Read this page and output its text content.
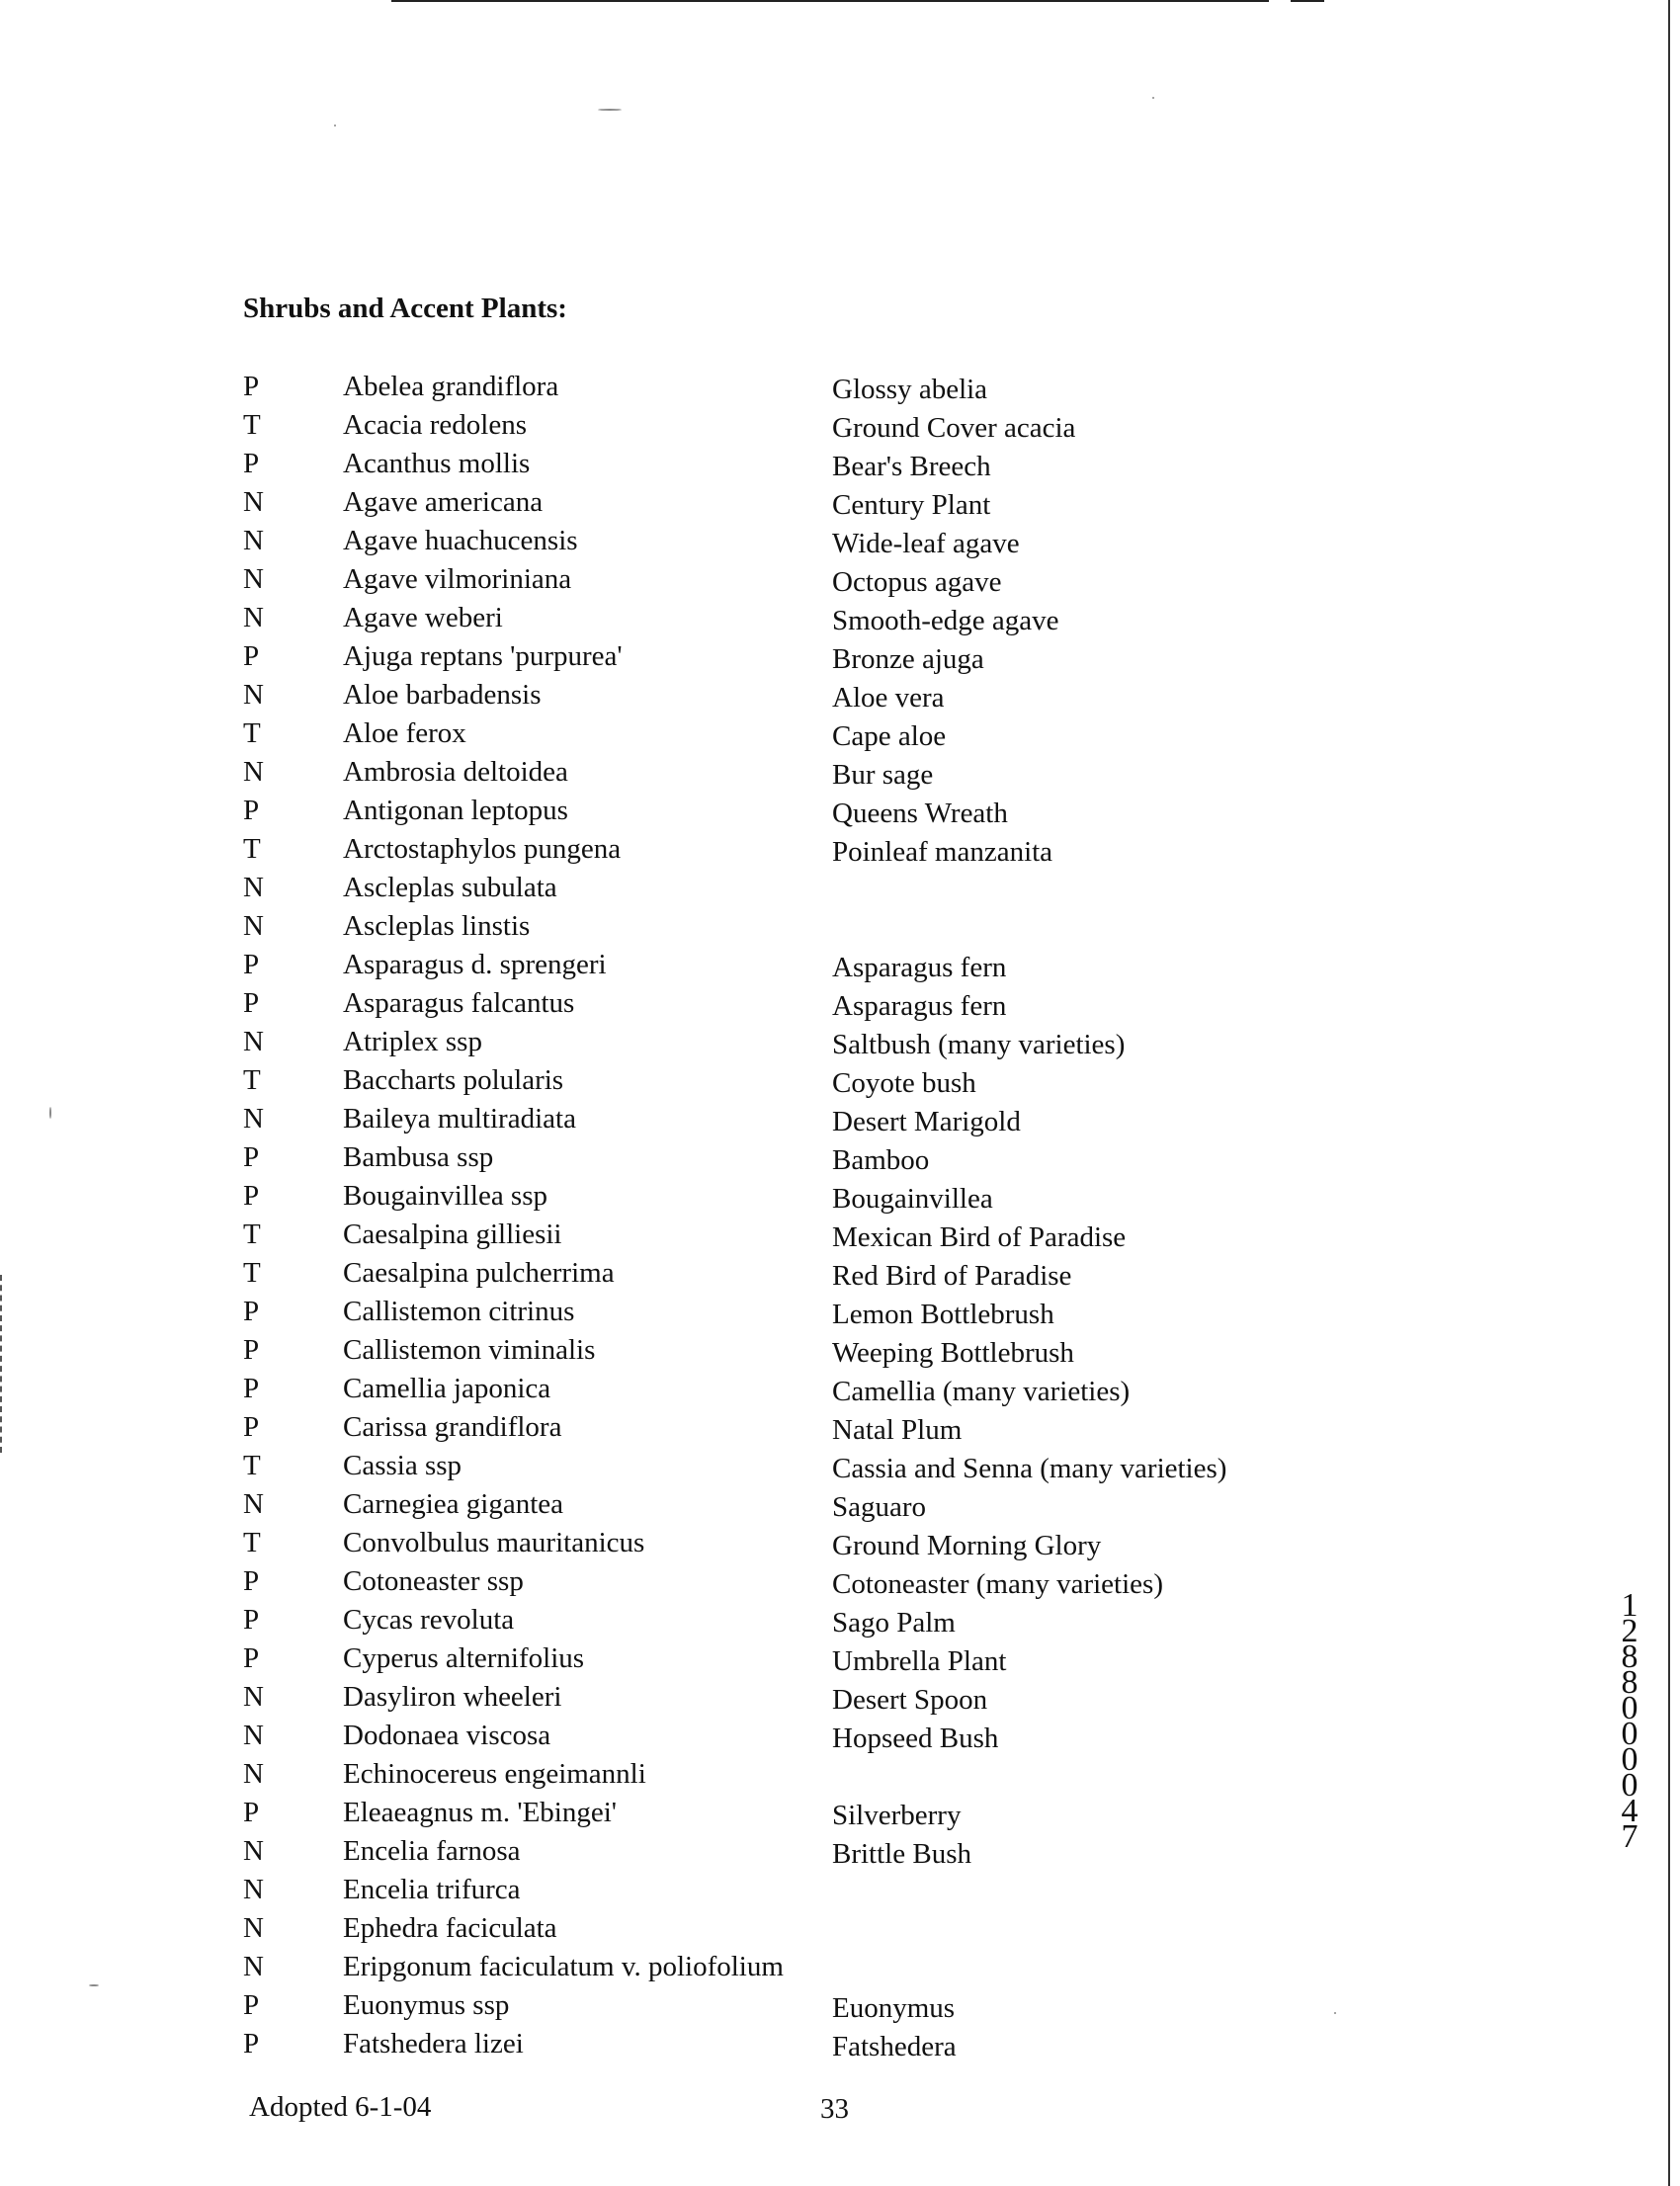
Shrubs and Accent Plants:
P	Abelea grandiflora	Glossy abelia
T	Acacia redolens	Ground Cover acacia
P	Acanthus mollis	Bear's Breech
N	Agave americana	Century Plant
N	Agave huachucensis	Wide-leaf agave
N	Agave vilmoriniana	Octopus agave
N	Agave weberi	Smooth-edge agave
P	Ajuga reptans 'purpurea'	Bronze ajuga
N	Aloe barbadensis	Aloe vera
T	Aloe ferox	Cape aloe
N	Ambrosia deltoidea	Bur sage
P	Antigonan leptopus	Queens Wreath
T	Arctostaphylos pungena	Poinleaf manzanita
N	Ascleplas subulata
N	Ascleplas linstis
P	Asparagus d. sprengeri	Asparagus fern
P	Asparagus falcantus	Asparagus fern
N	Atriplex ssp	Saltbush (many varieties)
T	Baccharts polularis	Coyote bush
N	Baileya multiradiata	Desert Marigold
P	Bambusa ssp	Bamboo
P	Bougainvillea ssp	Bougainvillea
T	Caesalpina gilliesii	Mexican Bird of Paradise
T	Caesalpina pulcherrima	Red Bird of Paradise
P	Callistemon citrinus	Lemon Bottlebrush
P	Callistemon viminalis	Weeping Bottlebrush
P	Camellia japonica	Camellia (many varieties)
P	Carissa grandiflora	Natal Plum
T	Cassia ssp	Cassia and Senna (many varieties)
N	Carnegiea gigantea	Saguaro
T	Convolbulus mauritanicus	Ground Morning Glory
P	Cotoneaster ssp	Cotoneaster (many varieties)
P	Cycas revoluta	Sago Palm
P	Cyperus alternifolius	Umbrella Plant
N	Dasyliron wheeleri	Desert Spoon
N	Dodonaea viscosa	Hopseed Bush
N	Echinocereus engeimannli
P	Eleaeagnus m. 'Ebingei'	Silverberry
N	Encelia farnosa	Brittle Bush
N	Encelia trifurca
N	Ephedra faciculata
N	Eripgonum faciculatum v. poliofolium
P	Euonymus ssp	Euonymus
P	Fatshedera lizei	Fatshedera
Adopted 6-1-04	33
12880 00047
